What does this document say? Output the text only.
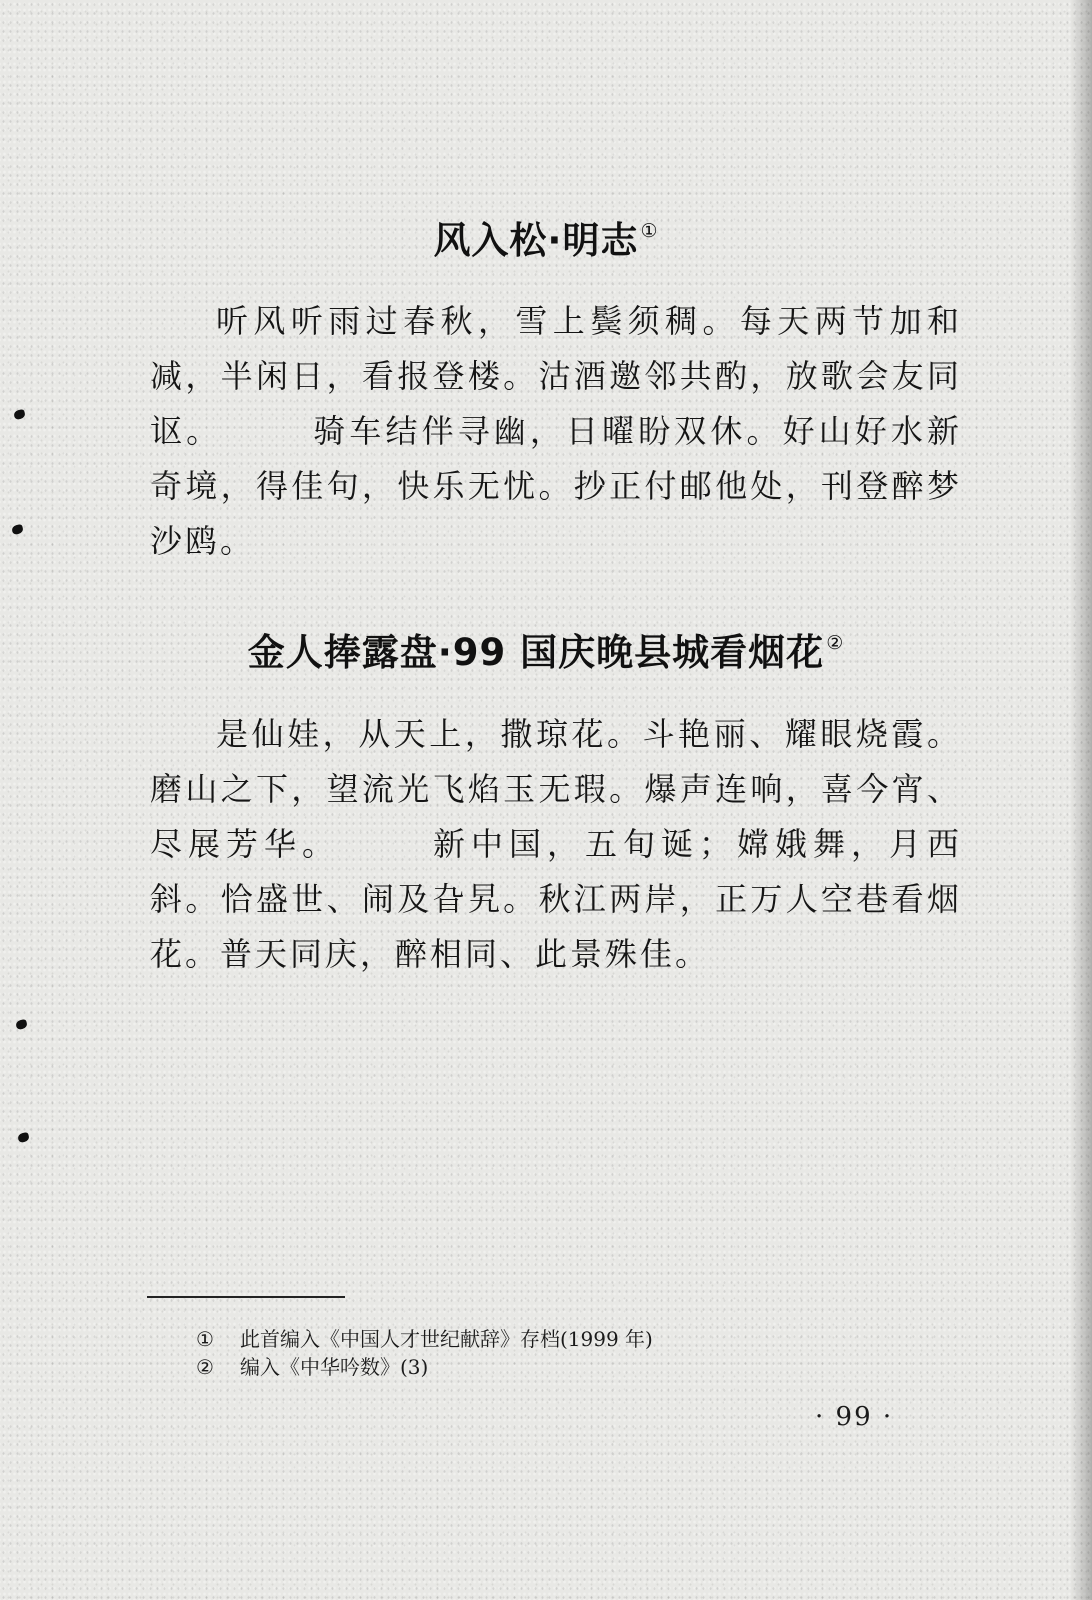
风入松·明志 ①

听风听雨过春秋，雪上鬓须稠。每天两节加和减，半闲日，看报登楼。沽酒邀邻共酌，放歌会友同讴。	骑车结伴寻幽，日曜盼双休。好山好水新奇境，得佳句，快乐无忧。抄正付邮他处，刊登醉梦沙鸥。

金人捧露盘·99 国庆晚县城看烟花 ②

是仙娃，从天上，撒琼花。斗艳丽、耀眼烧霞。磨山之下，望流光飞焰玉无瑕。爆声连响，喜今宵、尽展芳华。	新中国，五旬诞；嫦娥舞，月西斜。恰盛世、闹及旮旯。秋江两岸，正万人空巷看烟花。普天同庆，醉相同、此景殊佳。

① 此首编入《中国人才世纪献辞》存档(1999 年)
② 编入《中华吟数》(3)
· 99 ·
